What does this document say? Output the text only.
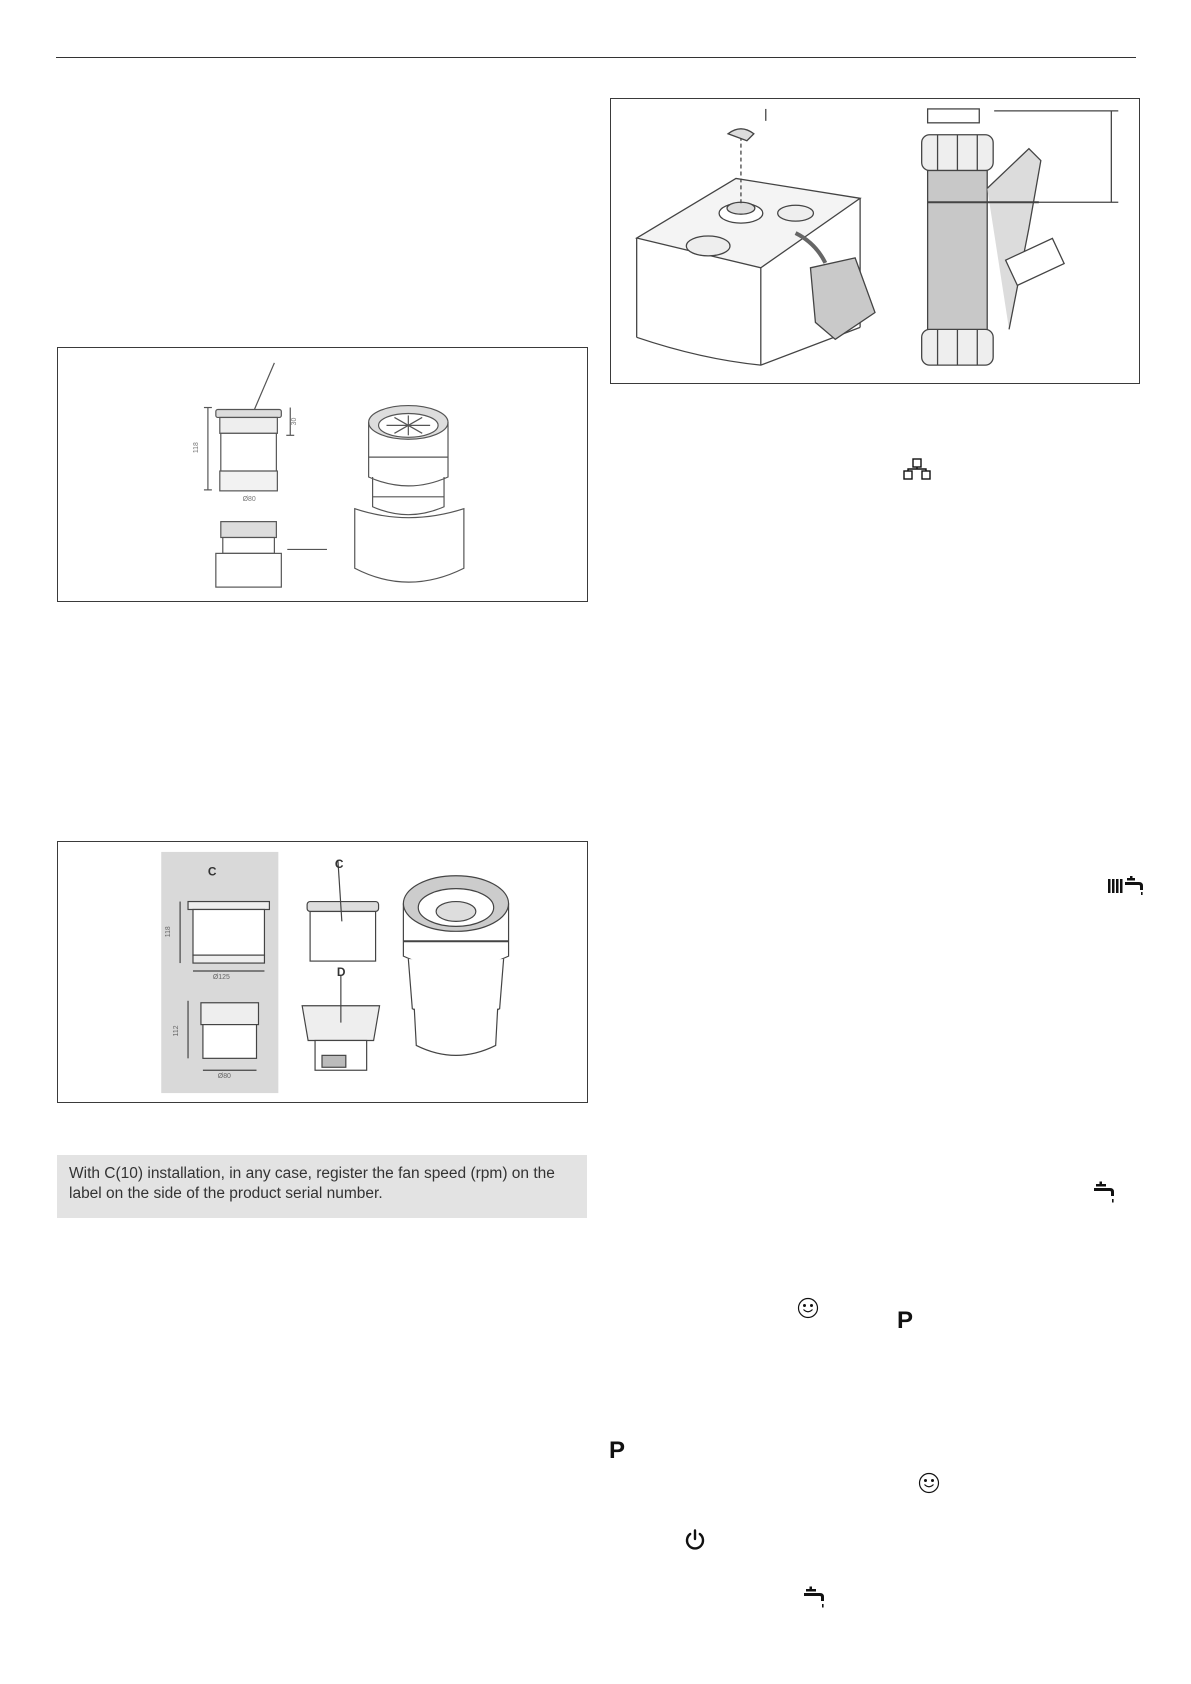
118
30
Ø80
C
C
D
118
Ø125
112
Ø80
With C(10) installation, in any case, register the fan speed (rpm) on the label on the side of the product serial number.
P
P
